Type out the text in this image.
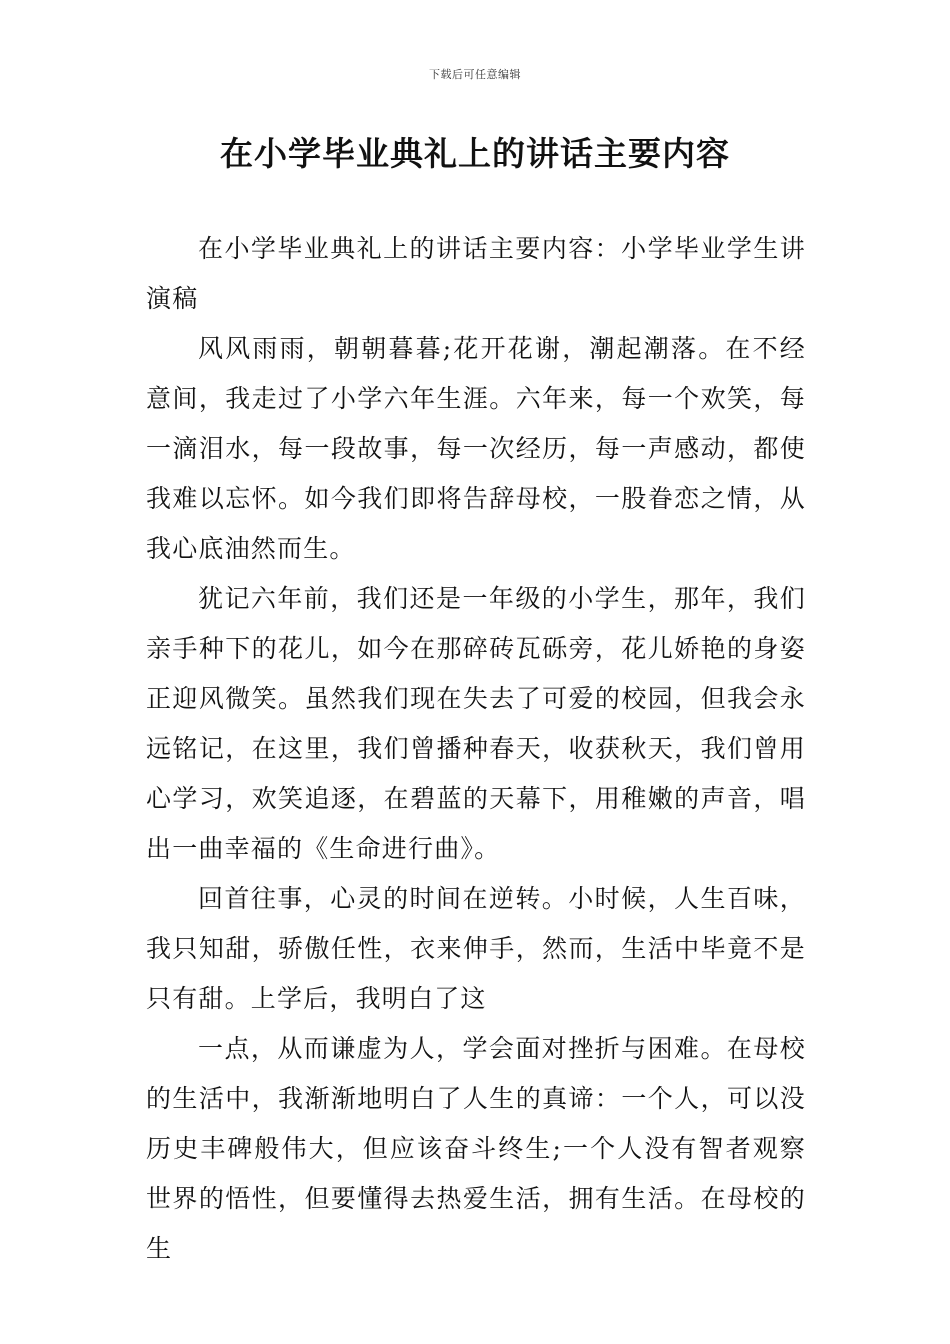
下载后可任意编辑
在小学毕业典礼上的讲话主要内容

在小学毕业典礼上的讲话主要内容：小学毕业学生讲演稿

风风雨雨，朝朝暮暮;花开花谢，潮起潮落。在不经意间，我走过了小学六年生涯。六年来，每一个欢笑，每一滴泪水，每一段故事，每一次经历，每一声感动，都使我难以忘怀。如今我们即将告辞母校，一股眷恋之情，从我心底油然而生。

犹记六年前，我们还是一年级的小学生，那年，我们亲手种下的花儿，如今在那碎砖瓦砾旁，花儿娇艳的身姿正迎风微笑。虽然我们现在失去了可爱的校园，但我会永远铭记，在这里，我们曾播种春天，收获秋天，我们曾用心学习，欢笑追逐，在碧蓝的天幕下，用稚嫩的声音，唱出一曲幸福的《生命进行曲》。

回首往事，心灵的时间在逆转。小时候，人生百味，我只知甜，骄傲任性，衣来伸手，然而，生活中毕竟不是只有甜。上学后，我明白了这

一点，从而谦虚为人，学会面对挫折与困难。在母校的生活中，我渐渐地明白了人生的真谛：一个人，可以没历史丰碑般伟大，但应该奋斗终生;一个人没有智者观察世界的悟性，但要懂得去热爱生活，拥有生活。在母校的生
